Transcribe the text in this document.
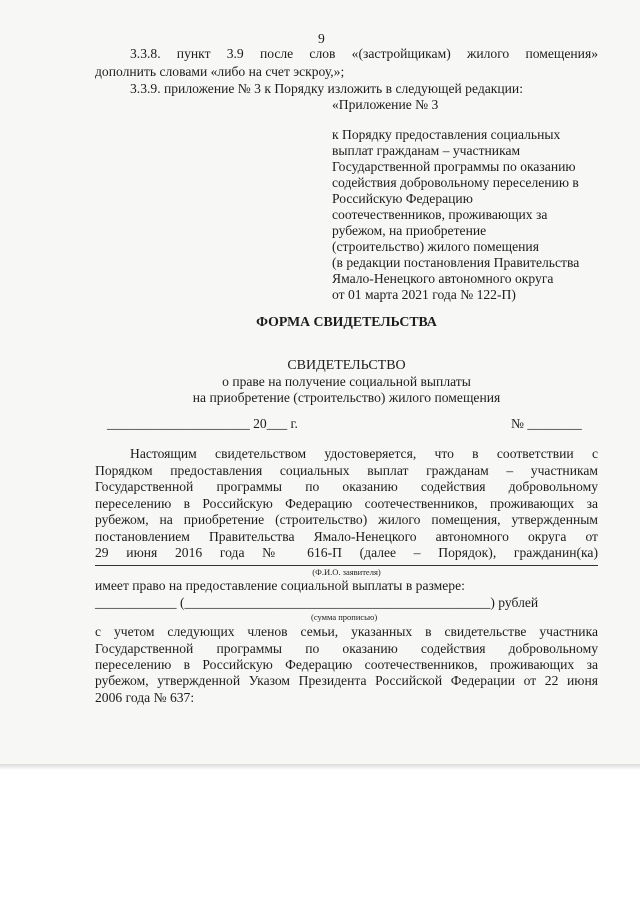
9
3.3.8. пункт 3.9 после слов «(застройщикам) жилого помещения»
дополнить словами «либо на счет эскроу,»;
3.3.9. приложение № 3 к Порядку изложить в следующей редакции:
«Приложение № 3
к Порядку предоставления социальных
выплат гражданам – участникам
Государственной программы по оказанию
содействия добровольному переселению в
Российскую Федерацию
соотечественников, проживающих за
рубежом, на приобретение
(строительство) жилого помещения
(в редакции постановления Правительства
Ямало-Ненецкого автономного округа
от 01 марта 2021 года № 122-П)
ФОРМА СВИДЕТЕЛЬСТВА
СВИДЕТЕЛЬСТВО
о праве на получение социальной выплаты
на приобретение (строительство) жилого помещения
_____________________ 20___ г.	№ ________
Настоящим свидетельством удостоверяется, что в соответствии с
Порядком предоставления социальных выплат гражданам – участникам
Государственной программы по оказанию содействия добровольному
переселению в Российскую Федерацию соотечественников, проживающих за
рубежом, на приобретение (строительство) жилого помещения, утвержденным
постановлением Правительства Ямало-Ненецкого автономного округа от
29 июня 2016 года № 616-П (далее – Порядок), гражданин(ка)
(Ф.И.О. заявителя)
имеет право на предоставление социальной выплаты в размере:
____________ (_____________________________________________) рублей
(сумма прописью)
с учетом следующих членов семьи, указанных в свидетельстве участника
Государственной программы по оказанию содействия добровольному
переселению в Российскую Федерацию соотечественников, проживающих за
рубежом, утвержденной Указом Президента Российской Федерации от 22 июня
2006 года № 637:
